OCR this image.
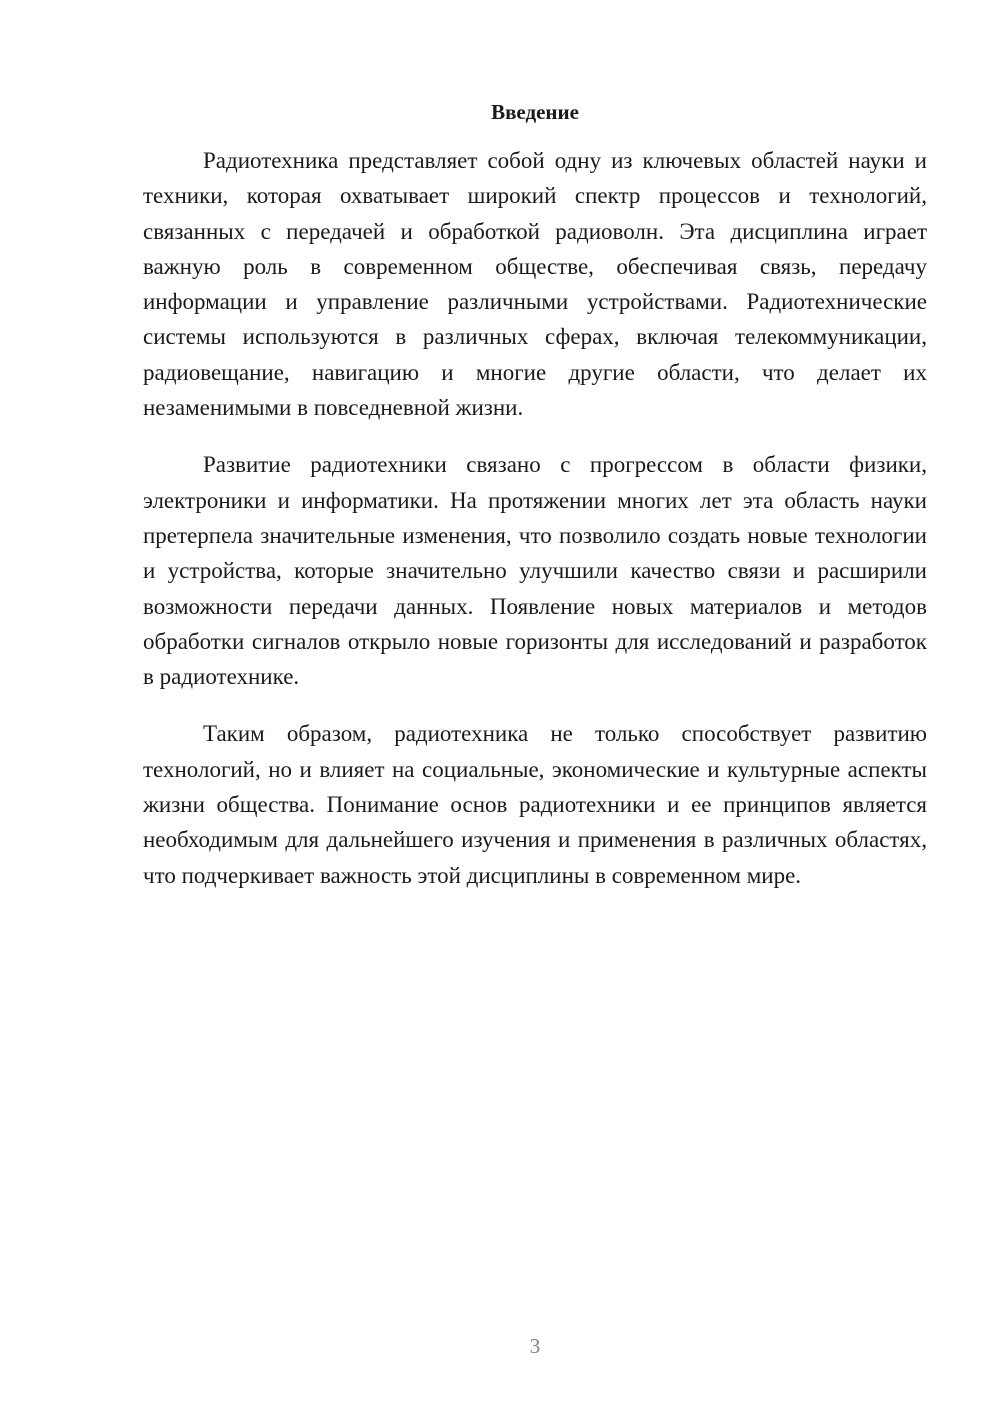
Введение

Радиотехника представляет собой одну из ключевых областей науки и техники, которая охватывает широкий спектр процессов и технологий, связанных с передачей и обработкой радиоволн. Эта дисциплина играет важную роль в современном обществе, обеспечивая связь, передачу информации и управление различными устройствами. Радиотехнические системы используются в различных сферах, включая телекоммуникации, радиовещание, навигацию и многие другие области, что делает их незаменимыми в повседневной жизни.

Развитие радиотехники связано с прогрессом в области физики, электроники и информатики. На протяжении многих лет эта область науки претерпела значительные изменения, что позволило создать новые технологии и устройства, которые значительно улучшили качество связи и расширили возможности передачи данных. Появление новых материалов и методов обработки сигналов открыло новые горизонты для исследований и разработок в радиотехнике.

Таким образом, радиотехника не только способствует развитию технологий, но и влияет на социальные, экономические и культурные аспекты жизни общества. Понимание основ радиотехники и ее принципов является необходимым для дальнейшего изучения и применения в различных областях, что подчеркивает важность этой дисциплины в современном мире.

3
